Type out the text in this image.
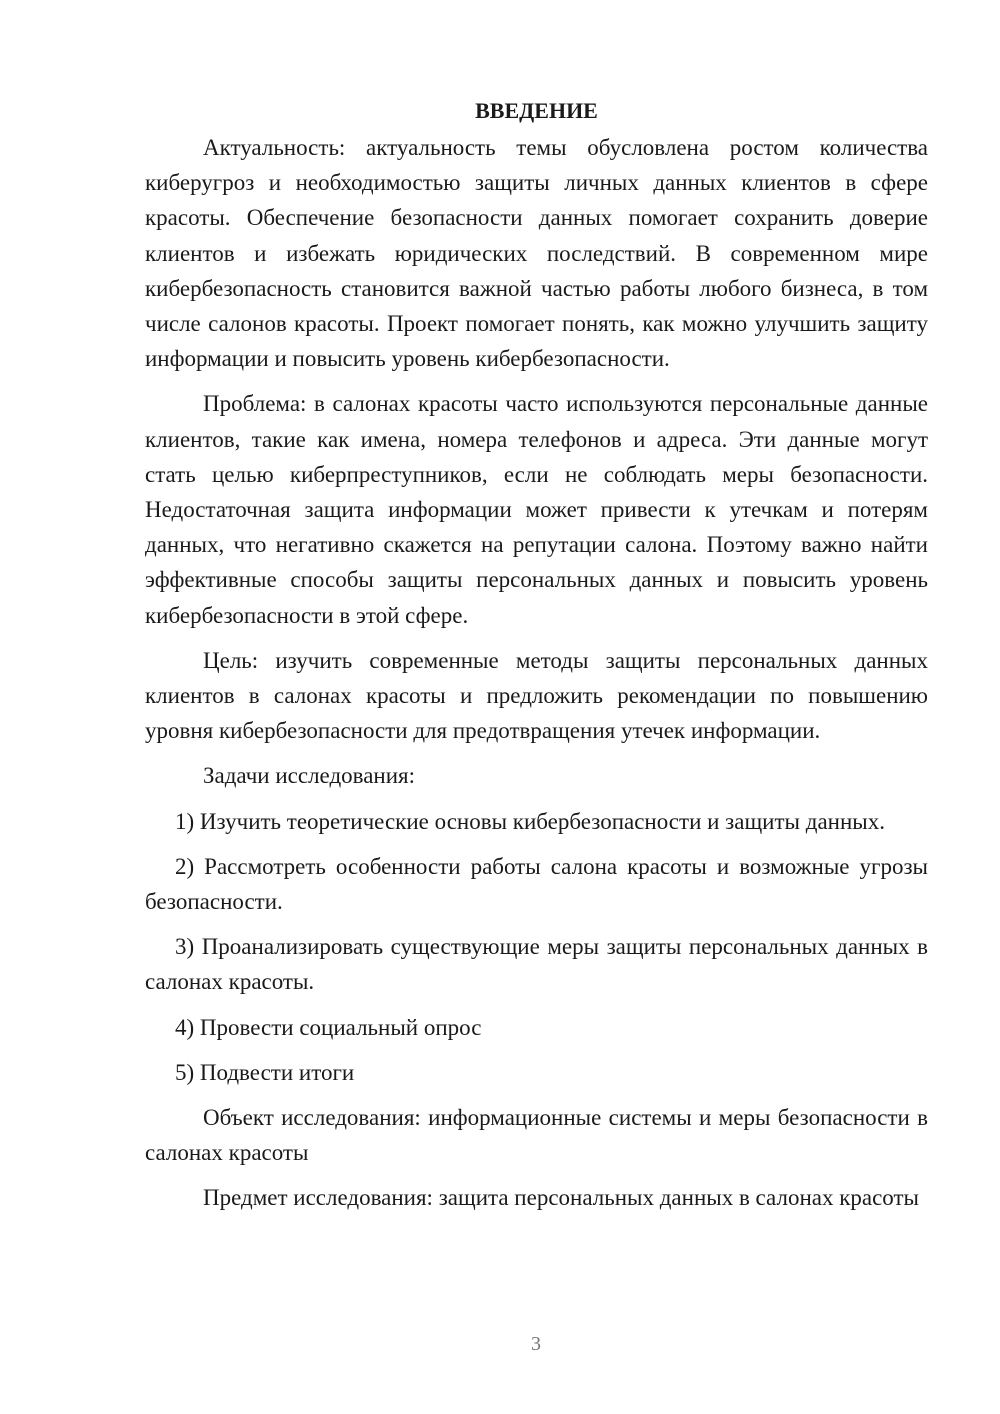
ВВЕДЕНИЕ

Актуальность: актуальность темы обусловлена ростом количества киберугроз и необходимостью защиты личных данных клиентов в сфере красоты. Обеспечение безопасности данных помогает сохранить доверие клиентов и избежать юридических последствий. В современном мире кибербезопасность становится важной частью работы любого бизнеса, в том числе салонов красоты. Проект помогает понять, как можно улучшить защиту информации и повысить уровень кибербезопасности.

Проблема: в салонах красоты часто используются персональные данные клиентов, такие как имена, номера телефонов и адреса. Эти данные могут стать целью киберпреступников, если не соблюдать меры безопасности. Недостаточная защита информации может привести к утечкам и потерям данных, что негативно скажется на репутации салона. Поэтому важно найти эффективные способы защиты персональных данных и повысить уровень кибербезопасности в этой сфере.

Цель: изучить современные методы защиты персональных данных клиентов в салонах красоты и предложить рекомендации по повышению уровня кибербезопасности для предотвращения утечек информации.

Задачи исследования:

1) Изучить теоретические основы кибербезопасности и защиты данных.

2) Рассмотреть особенности работы салона красоты и возможные угрозы безопасности.

3) Проанализировать существующие меры защиты персональных данных в салонах красоты.

4) Провести социальный опрос

5) Подвести итоги

Объект исследования: информационные системы и меры безопасности в салонах красоты

Предмет исследования: защита персональных данных в салонах красоты

3
